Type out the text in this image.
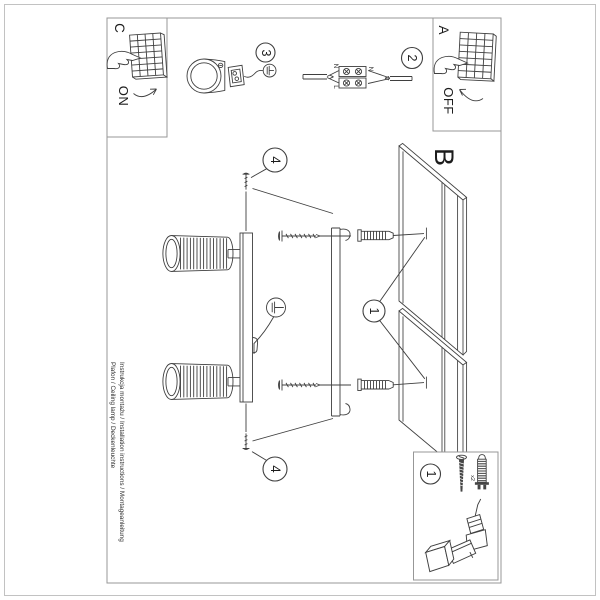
C	A
B
ON	OFF
3
2
4
4
1
1
N
N
L
x2
Instrukcja montażu / Installation instructions / Montageanleitung
Plafon / Ceiling lamp / Deckenleuchte
